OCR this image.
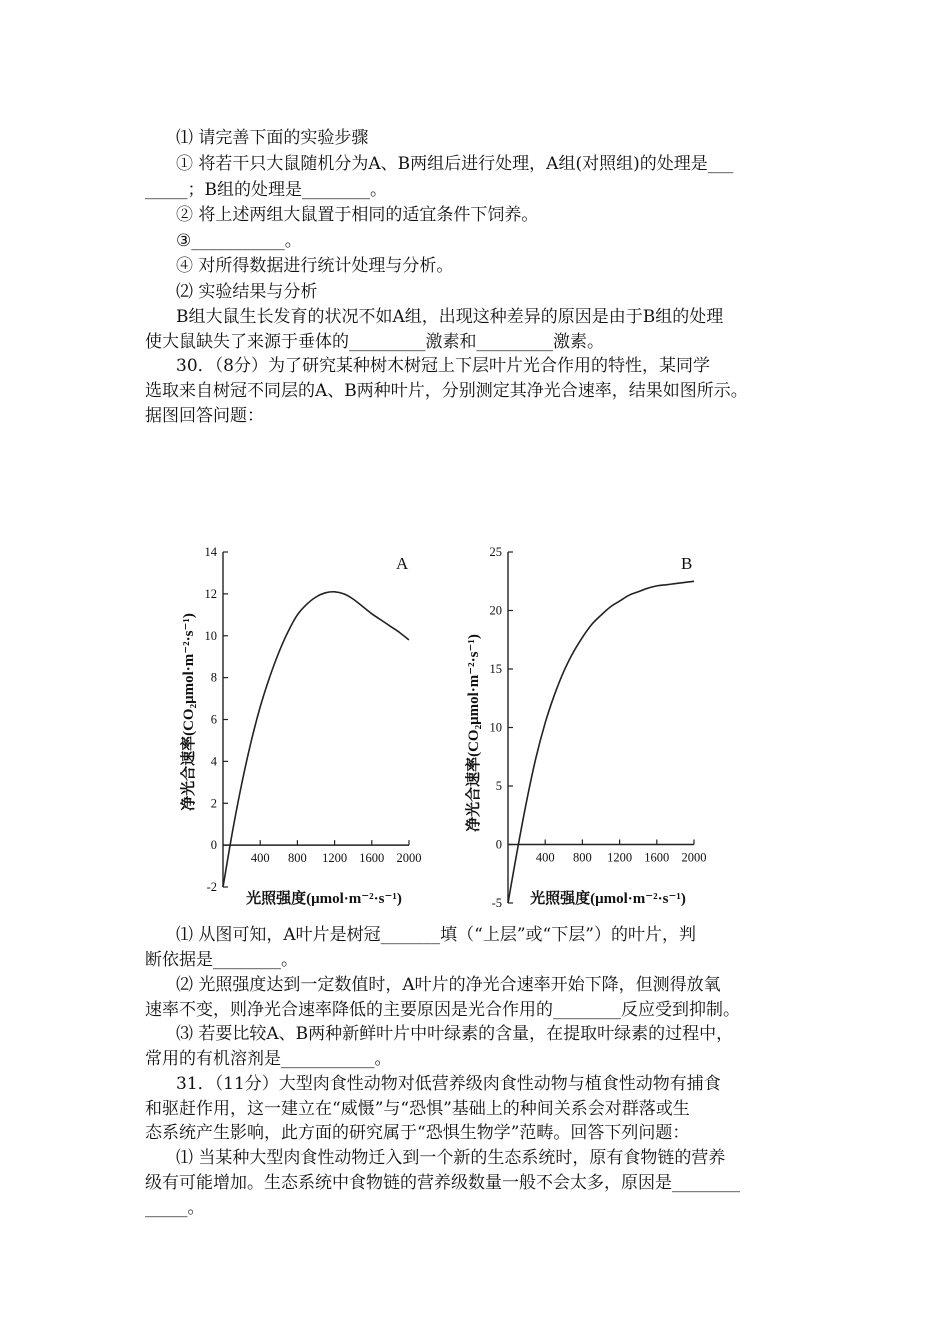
⑴ 请完善下面的实验步骤
① 将若干只大鼠随机分为A、B两组后进行处理，A组(对照组)的处理是___
_____；B组的处理是________。
② 将上述两组大鼠置于相同的适宜条件下饲养。
③___________。
④ 对所得数据进行统计处理与分析。
⑵ 实验结果与分析
B组大鼠生长发育的状况不如A组，出现这种差异的原因是由于B组的处理
使大鼠缺失了来源于垂体的_________激素和_________激素。
30．（8分）为了研究某种树木树冠上下层叶片光合作用的特性，某同学
选取来自树冠不同层的A、B两种叶片，分别测定其净光合速率，结果如图所示。
据图回答问题：
-2
0
2
4
6
8
10
12
14
400 800 1200 1600 2000
A
净光合速率(CO₂μmol·m⁻²·s⁻¹)
光照强度(μmol·m⁻²·s⁻¹)	-5
0
5
10
15
20
25
400 800 1200 1600 2000
B
净光合速率(CO₂μmol·m⁻²·s⁻¹)
光照强度(μmol·m⁻²·s⁻¹)
⑴ 从图可知，A叶片是树冠_______填（“上层”或“下层”）的叶片，判
断依据是________。
⑵ 光照强度达到一定数值时，A叶片的净光合速率开始下降，但测得放氧
速率不变，则净光合速率降低的主要原因是光合作用的________反应受到抑制。
⑶ 若要比较A、B两种新鲜叶片中叶绿素的含量，在提取叶绿素的过程中，
常用的有机溶剂是___________。
31．（11分）大型肉食性动物对低营养级肉食性动物与植食性动物有捕食
和驱赶作用，这一建立在“威慑”与“恐惧”基础上的种间关系会对群落或生
态系统产生影响，此方面的研究属于“恐惧生物学”范畴。回答下列问题：
⑴ 当某种大型肉食性动物迁入到一个新的生态系统时，原有食物链的营养
级有可能增加。生态系统中食物链的营养级数量一般不会太多，原因是________
_____。
